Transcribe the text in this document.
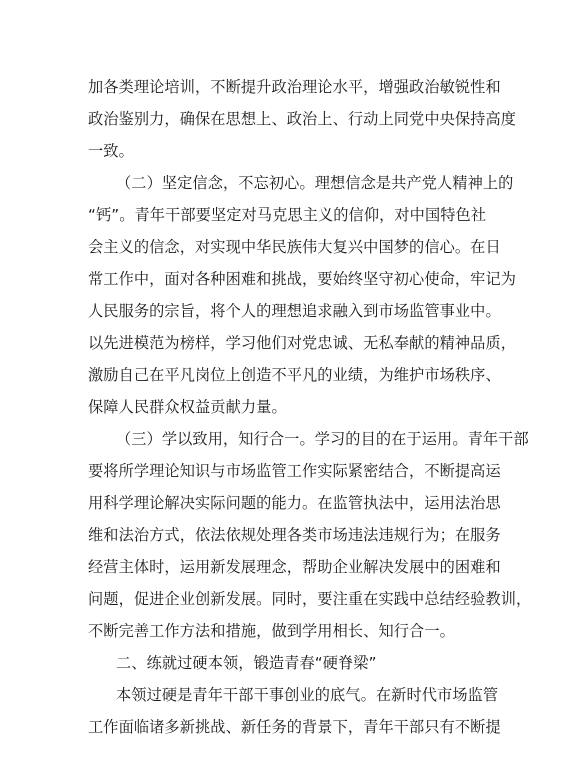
加各类理论培训，不断提升政治理论水平，增强政治敏锐性和
政治鉴别力，确保在思想上、政治上、行动上同党中央保持高度
一致。
（二）坚定信念，不忘初心。理想信念是共产党人精神上的
“钙”。青年干部要坚定对马克思主义的信仰，对中国特色社
会主义的信念，对实现中华民族伟大复兴中国梦的信心。在日
常工作中，面对各种困难和挑战，要始终坚守初心使命，牢记为
人民服务的宗旨，将个人的理想追求融入到市场监管事业中。
以先进模范为榜样，学习他们对党忠诚、无私奉献的精神品质，
激励自己在平凡岗位上创造不平凡的业绩，为维护市场秩序、
保障人民群众权益贡献力量。
（三）学以致用，知行合一。学习的目的在于运用。青年干部
要将所学理论知识与市场监管工作实际紧密结合，不断提高运
用科学理论解决实际问题的能力。在监管执法中，运用法治思
维和法治方式，依法依规处理各类市场违法违规行为；在服务
经营主体时，运用新发展理念，帮助企业解决发展中的困难和
问题，促进企业创新发展。同时，要注重在实践中总结经验教训，
不断完善工作方法和措施，做到学用相长、知行合一。
二、练就过硬本领，锻造青春“硬脊梁”
本领过硬是青年干部干事创业的底气。在新时代市场监管
工作面临诸多新挑战、新任务的背景下，青年干部只有不断提
